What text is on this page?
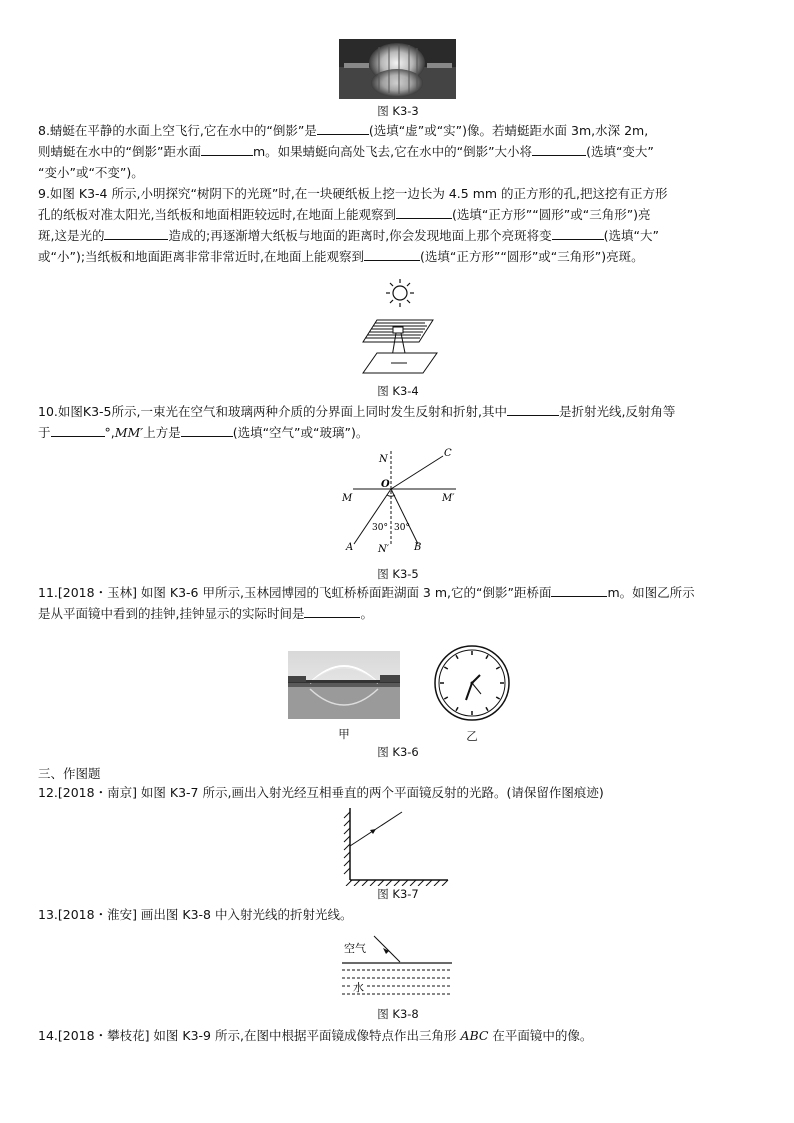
图 K3-3
8.蜻蜓在平静的水面上空飞行,它在水中的“倒影”是	(选填“虚”或“实”)像。若蜻蜓距水面 3m,水深 2m,
则蜻蜓在水中的“倒影”距水面	m。如果蜻蜓向高处飞去,它在水中的“倒影”大小将	(选填“变大”
“变小”或“不变”)。
9.如图 K3-4 所示,小明探究“树阴下的光斑”时,在一块硬纸板上挖一边长为 4.5 mm 的正方形的孔,把这挖有正方形
孔的纸板对准太阳光,当纸板和地面相距较远时,在地面上能观察到	(选填“正方形”“圆形”或“三角形”)亮
斑,这是光的	造成的;再逐渐增大纸板与地面的距离时,你会发现地面上那个亮斑将变	(选填“大”
或“小”);当纸板和地面距离非常非常近时,在地面上能观察到	(选填“正方形”“圆形”或“三角形”)亮斑。
图 K3-4
10.如图K3-5所示,一束光在空气和玻璃两种介质的分界面上同时发生反射和折射,其中	是折射光线,反射角等
于	°,MM′上方是	(选填“空气”或“玻璃”)。
N
C
O
M	M′
30° 30°
A N′ B
图 K3-5
11.[2018・玉林] 如图 K3-6 甲所示,玉林园博园的飞虹桥桥面距湖面 3 m,它的“倒影”距桥面	m。如图乙所示
是从平面镜中看到的挂钟,挂钟显示的实际时间是	。
甲	乙
图 K3-6
三、作图题
12.[2018・南京] 如图 K3-7 所示,画出入射光经互相垂直的两个平面镜反射的光路。(请保留作图痕迹)
图 K3-7
13.[2018・淮安] 画出图 K3-8 中入射光线的折射光线。
空气
水
图 K3-8
14.[2018・攀枝花] 如图 K3-9 所示,在图中根据平面镜成像特点作出三角形 ABC 在平面镜中的像。
